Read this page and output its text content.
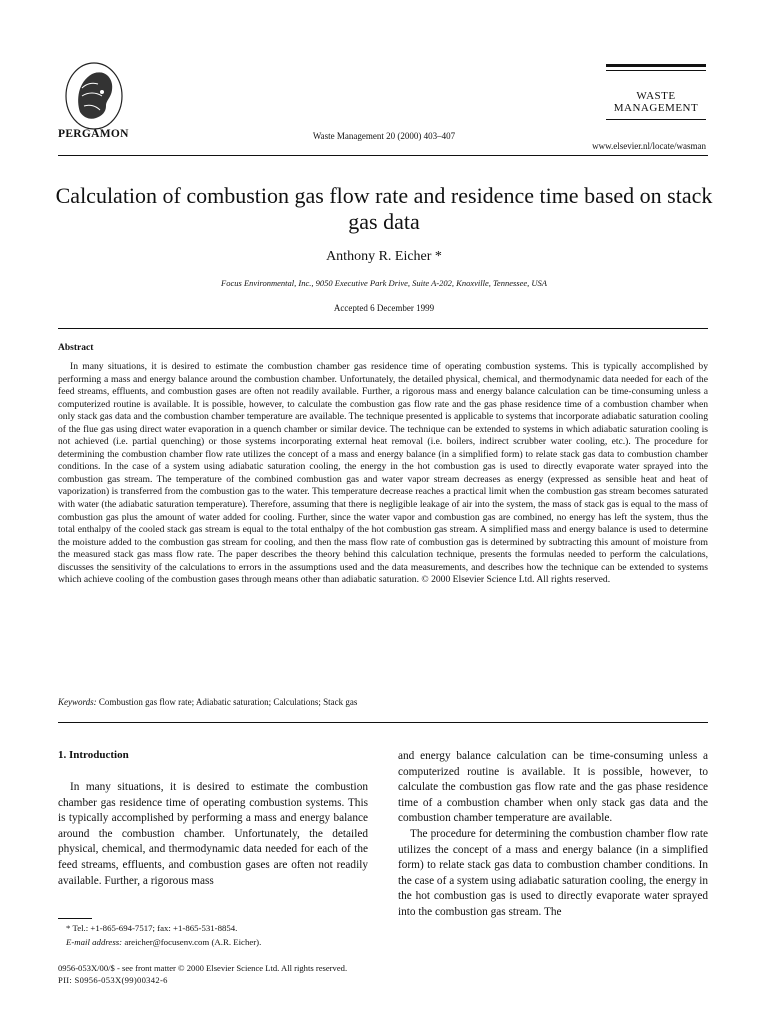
PERGAMON	Waste Management 20 (2000) 403–407
WASTE
MANAGEMENT
www.elsevier.nl/locate/wasman
Calculation of combustion gas flow rate and residence time based on stack gas data
Anthony R. Eicher *
Focus Environmental, Inc., 9050 Executive Park Drive, Suite A-202, Knoxville, Tennessee, USA
Accepted 6 December 1999
Abstract

In many situations, it is desired to estimate the combustion chamber gas residence time of operating combustion systems. This is typically accomplished by performing a mass and energy balance around the combustion chamber. Unfortunately, the detailed physical, chemical, and thermodynamic data needed for each of the feed streams, effluents, and combustion gases are often not readily available. Further, a rigorous mass and energy balance calculation can be time-consuming unless a computerized routine is available. It is possible, however, to calculate the combustion gas flow rate and the gas phase residence time of a combustion chamber when only stack gas data and the combustion chamber temperature are available. The technique presented is applicable to systems that incorporate adiabatic saturation cooling of the flue gas using direct water evaporation in a quench chamber or similar device. The technique can be extended to systems in which adiabatic saturation cooling is not achieved (i.e. partial quenching) or those systems incorporating external heat removal (i.e. boilers, indirect scrubber water cooling, etc.). The procedure for determining the combustion chamber flow rate utilizes the concept of a mass and energy balance (in a simplified form) to relate stack gas data to combustion chamber conditions. In the case of a system using adiabatic saturation cooling, the energy in the hot combustion gas is used to directly evaporate water sprayed into the combustion gas stream. The temperature of the combined combustion gas and water vapor stream decreases as energy (expressed as sensible heat and heat of vaporization) is transferred from the combustion gas to the water. This temperature decrease reaches a practical limit when the combustion gas stream becomes saturated with water (the adiabatic saturation temperature). Therefore, assuming that there is negligible leakage of air into the system, the mass of stack gas is equal to the mass of combustion gas plus the amount of water added for cooling. Further, since the water vapor and combustion gas are combined, no energy has left the system, thus the total enthalpy of the cooled stack gas stream is equal to the total enthalpy of the hot combustion gas stream. A simplified mass and energy balance is used to determine the moisture added to the combustion gas stream for cooling, and then the mass flow rate of combustion gas is determined by subtracting this amount of moisture from the measured stack gas mass flow rate. The paper describes the theory behind this calculation technique, presents the formulas needed to perform the calculations, discusses the sensitivity of the calculations to errors in the assumptions used and the data measurements, and describes how the technique can be extended to systems which achieve cooling of the combustion gases through means other than adiabatic saturation. © 2000 Elsevier Science Ltd. All rights reserved.

Keywords: Combustion gas flow rate; Adiabatic saturation; Calculations; Stack gas
1. Introduction

In many situations, it is desired to estimate the combustion chamber gas residence time of operating combustion systems. This is typically accomplished by performing a mass and energy balance around the combustion chamber. Unfortunately, the detailed physical, chemical, and thermodynamic data needed for each of the feed streams, effluents, and combustion gases are often not readily available. Further, a rigorous mass

and energy balance calculation can be time-consuming unless a computerized routine is available. It is possible, however, to calculate the combustion gas flow rate and the gas phase residence time of a combustion chamber when only stack gas data and the combustion chamber temperature are available.

The procedure for determining the combustion chamber flow rate utilizes the concept of a mass and energy balance (in a simplified form) to relate stack gas data to combustion chamber conditions. In the case of a system using adiabatic saturation cooling, the energy in the hot combustion gas is used to directly evaporate water sprayed into the combustion gas stream. The

* Tel.: +1-865-694-7517; fax: +1-865-531-8854.
E-mail address: areicher@focusenv.com (A.R. Eicher).
0956-053X/00/$ - see front matter © 2000 Elsevier Science Ltd. All rights reserved.
PII: S0956-053X(99)00342-6
